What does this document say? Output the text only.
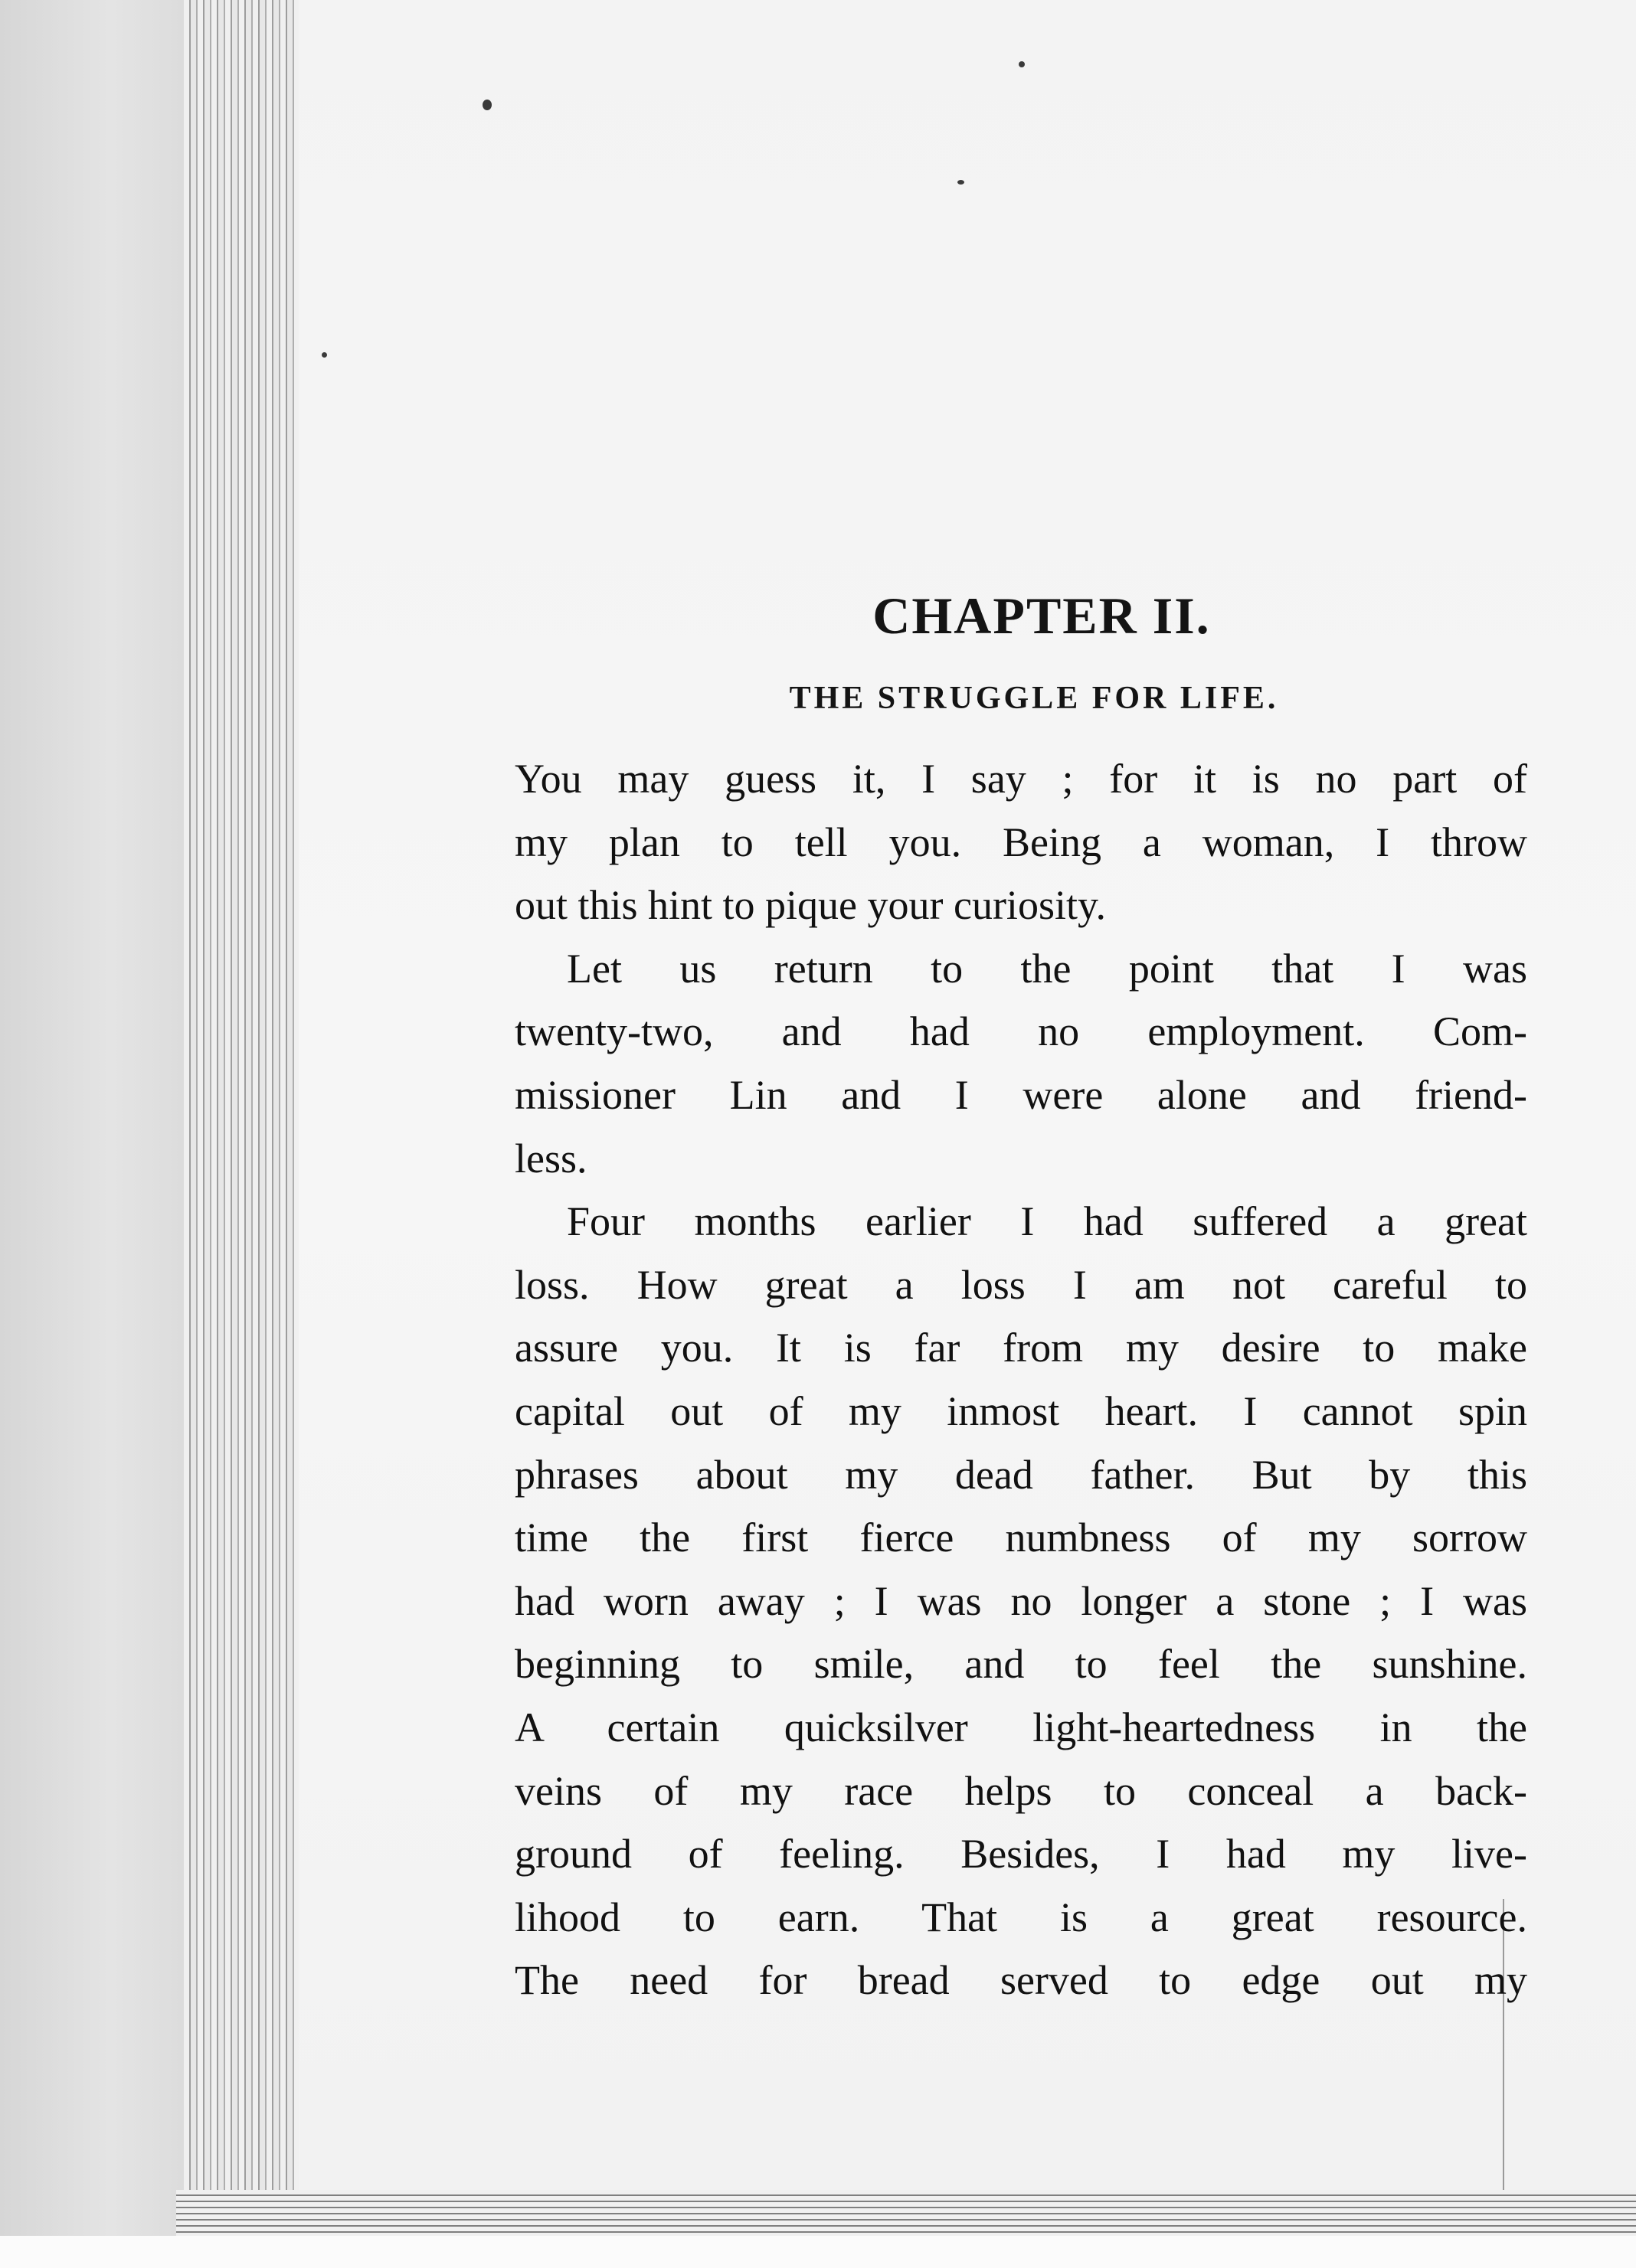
CHAPTER II.
THE STRUGGLE FOR LIFE.
You may guess it, I say ; for it is no part of
my plan to tell you. Being a woman, I throw
out this hint to pique your curiosity.
Let us return to the point that I was
twenty-two, and had no employment. Com-
missioner Lin and I were alone and friend-
less.
Four months earlier I had suffered a great
loss. How great a loss I am not careful to
assure you. It is far from my desire to make
capital out of my inmost heart. I cannot spin
phrases about my dead father. But by this
time the first fierce numbness of my sorrow
had worn away ; I was no longer a stone ; I was
beginning to smile, and to feel the sunshine.
A certain quicksilver light-heartedness in the
veins of my race helps to conceal a back-
ground of feeling. Besides, I had my live-
lihood to earn. That is a great resource.
The need for bread served to edge out my
